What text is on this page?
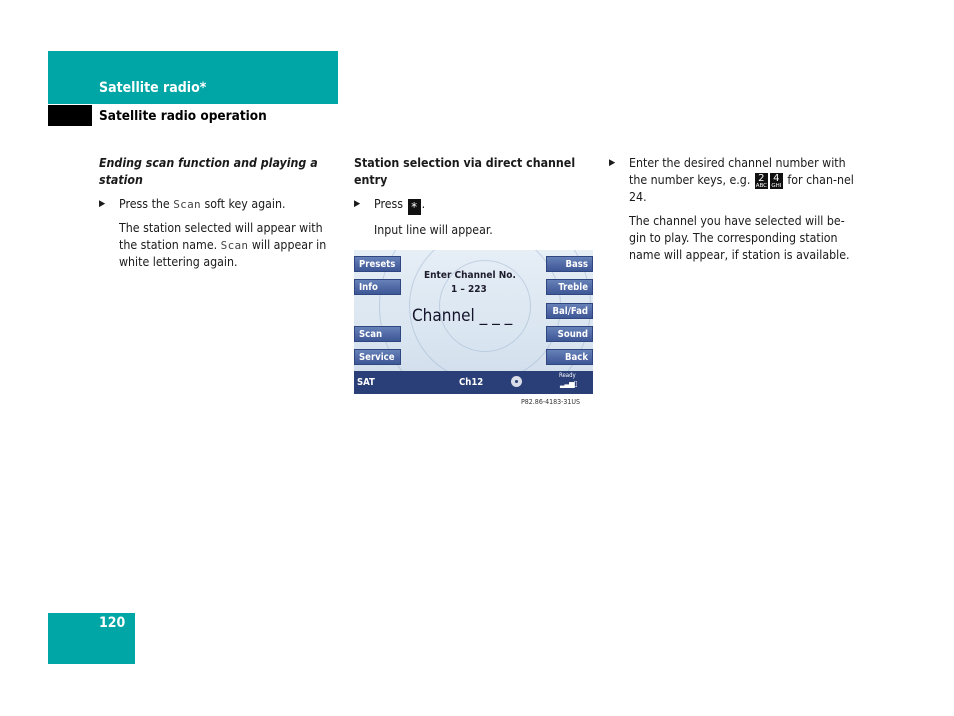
Satellite radio*
Satellite radio operation

Ending scan function and playing a station

▶ Press the Scan soft key again.

The station selected will appear with the station name. Scan will appear in white lettering again.

Station selection via direct channel entry

▶ Press * .

Input line will appear.

Presets
Info
Scan
Service
Bass
Treble
Bal/Fad
Sound
Back
Enter Channel No.
1 – 223
Channel _ _ _
SAT	Ch12
Ready
▂▃▅▯
P82.86-4183-31US

▶ Enter the desired channel number with the number keys, e.g. 2
ABC
4
GHI for chan-nel 24.

The channel you have selected will be-gin to play. The corresponding station name will appear, if station is available.

120
